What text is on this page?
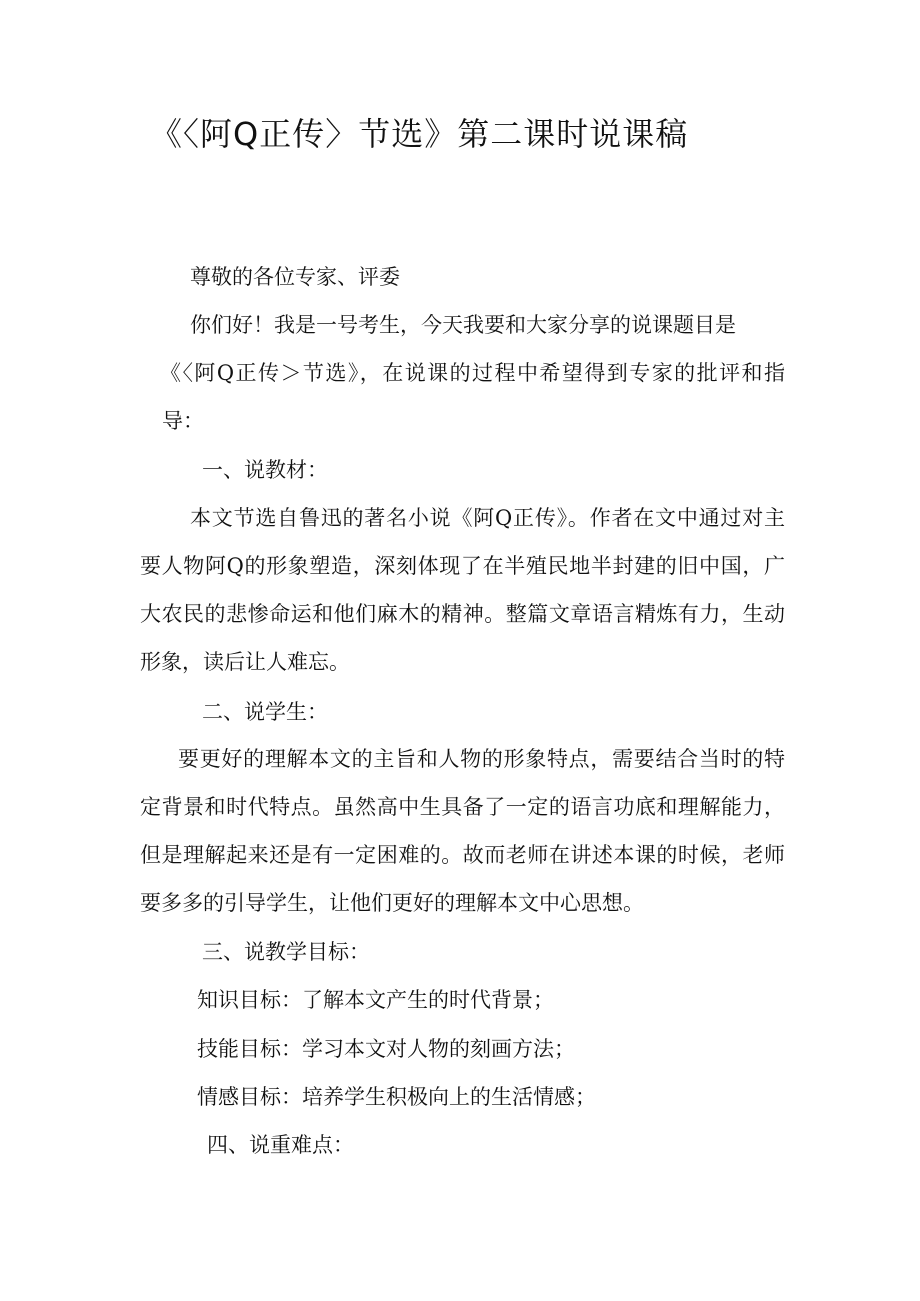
《〈阿Q正传〉节选》第二课时说课稿
尊敬的各位专家、评委
你们好！我是一号考生，今天我要和大家分享的说课题目是
《〈阿Q正传＞节选》，在说课的过程中希望得到专家的批评和指
导：
一、说教材：
本文节选自鲁迅的著名小说《阿Q正传》。作者在文中通过对主
要人物阿Q的形象塑造，深刻体现了在半殖民地半封建的旧中国，广
大农民的悲惨命运和他们麻木的精神。整篇文章语言精炼有力，生动
形象，读后让人难忘。
二、说学生：
要更好的理解本文的主旨和人物的形象特点，需要结合当时的特
定背景和时代特点。虽然高中生具备了一定的语言功底和理解能力，
但是理解起来还是有一定困难的。故而老师在讲述本课的时候，老师
要多多的引导学生，让他们更好的理解本文中心思想。
三、说教学目标：
知识目标：了解本文产生的时代背景；
技能目标：学习本文对人物的刻画方法；
情感目标：培养学生积极向上的生活情感；
四、说重难点：
